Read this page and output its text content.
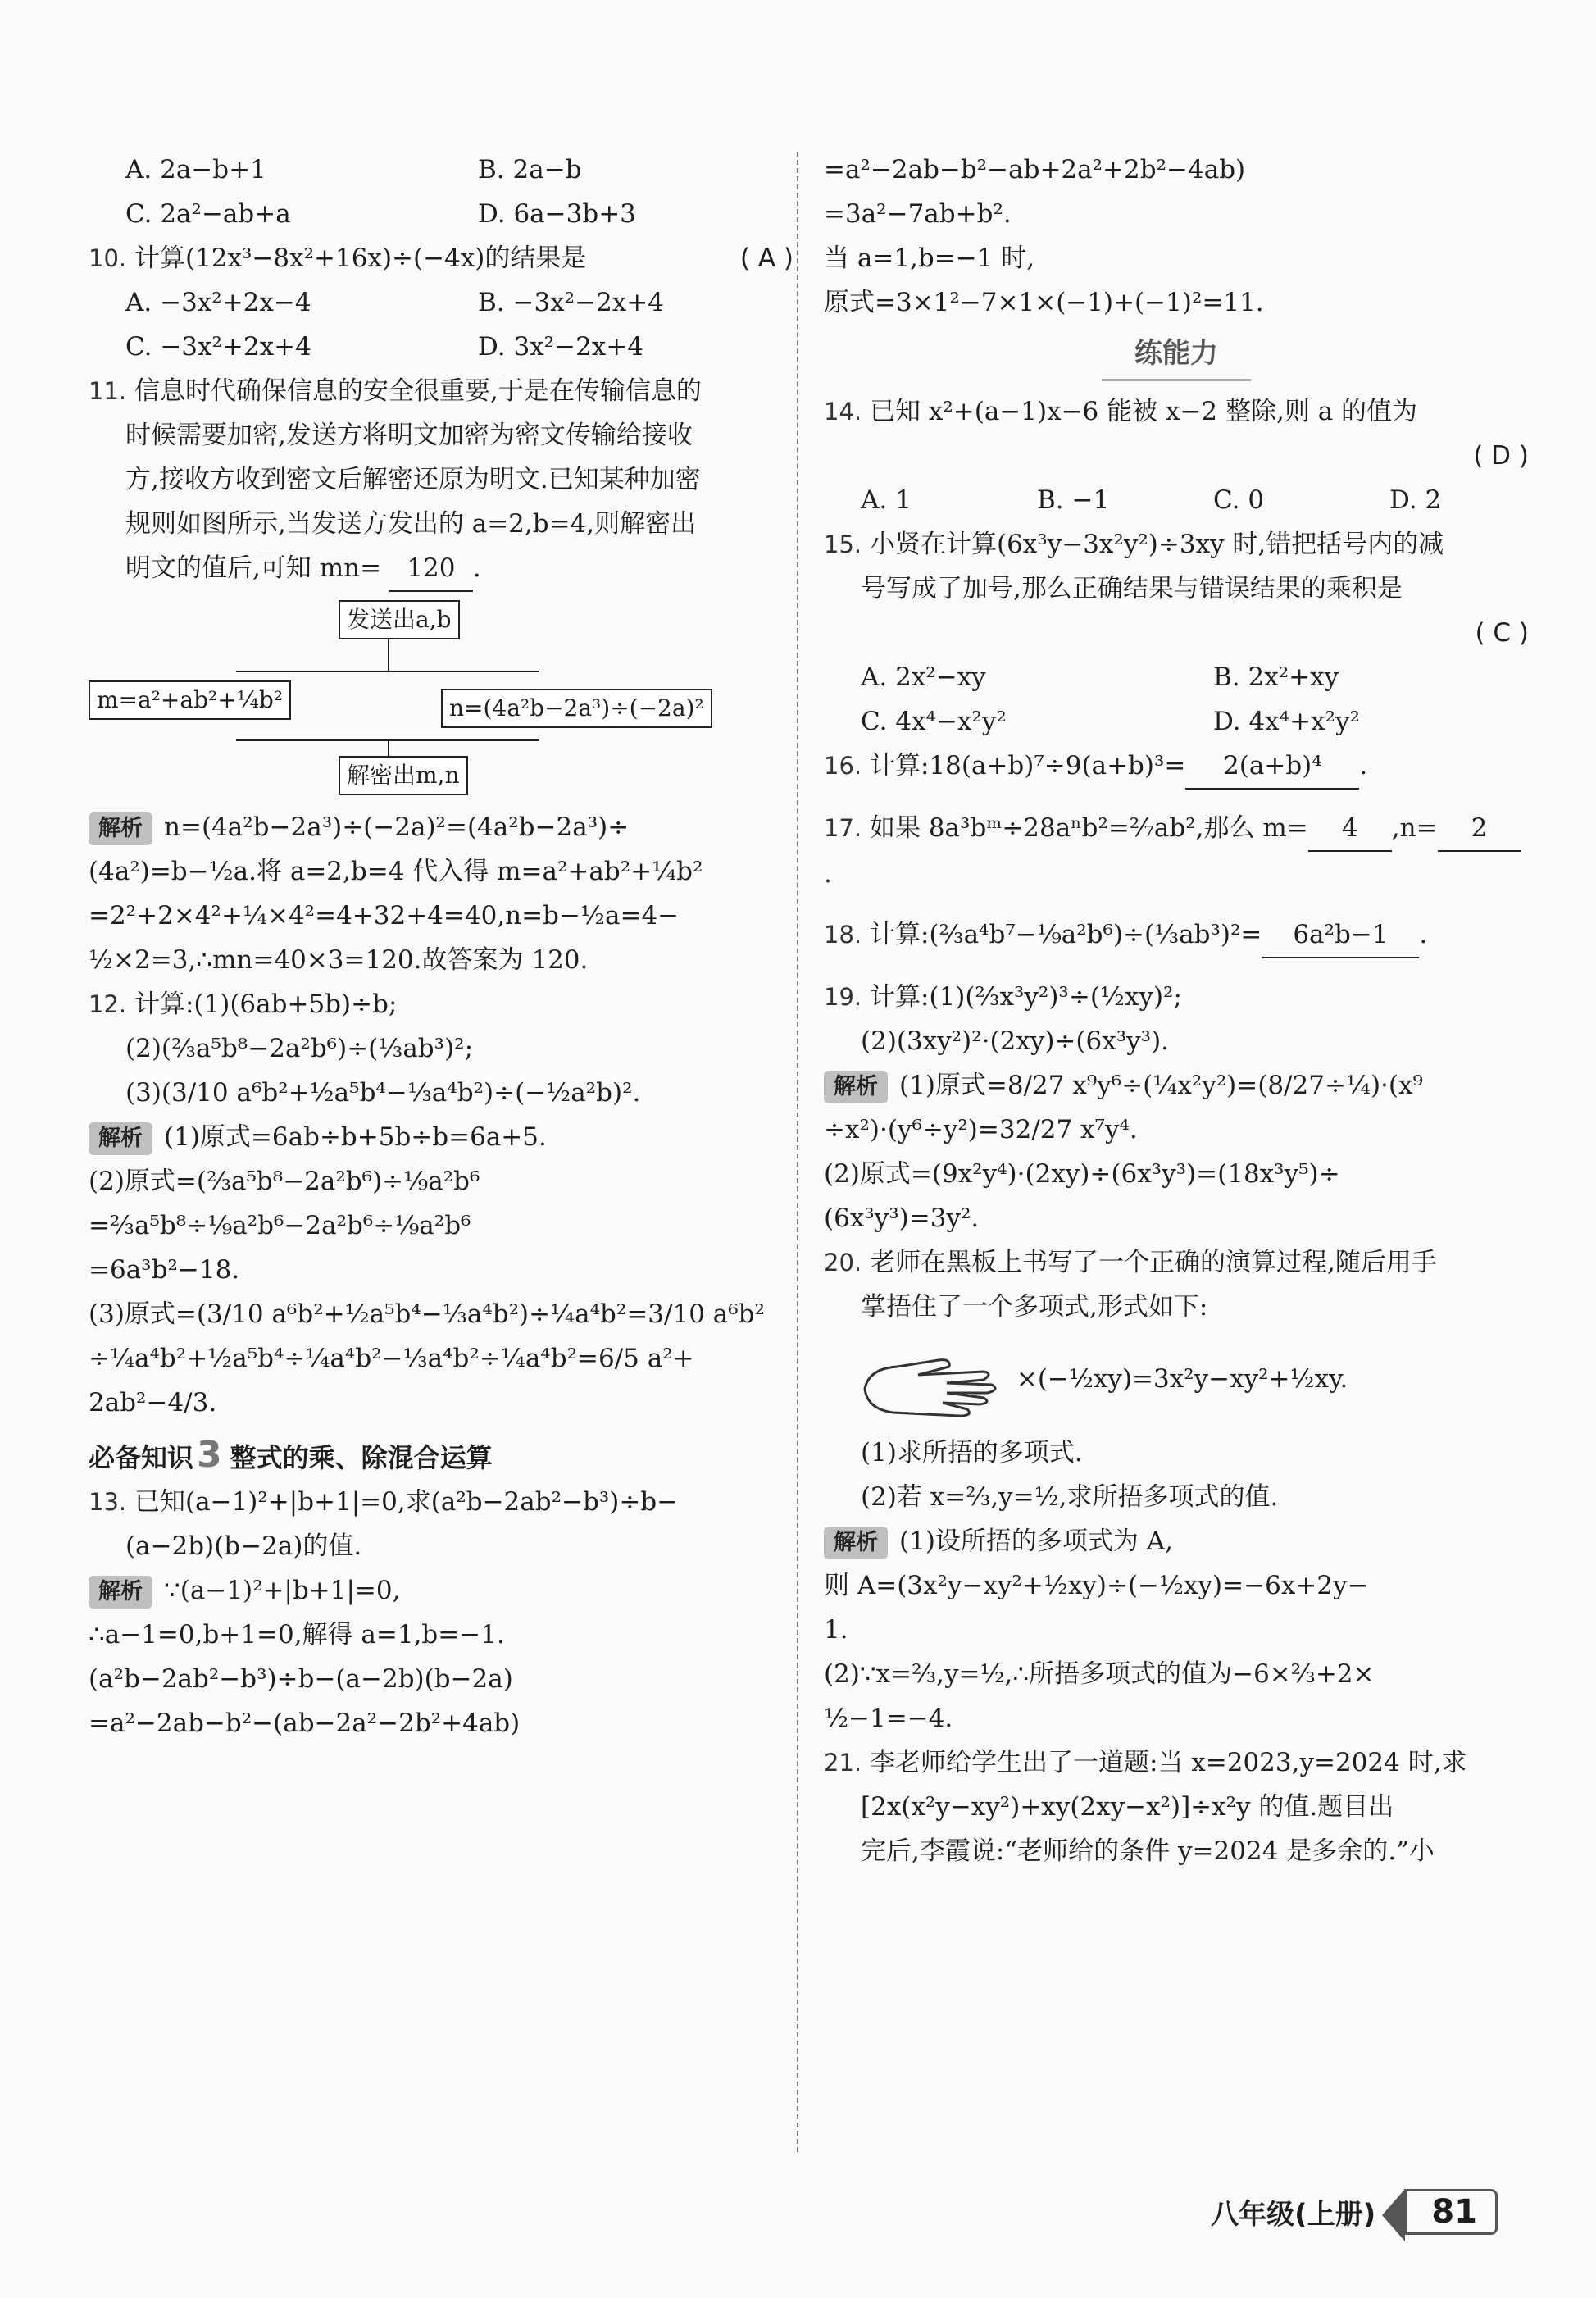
A. 2a−b+1	B. 2a−b
C. 2a²−ab+a	D. 6a−3b+3

10. 计算(12x³−8x²+16x)÷(−4x)的结果是	( A )

A. −3x²+2x−4	B. −3x²−2x+4
C. −3x²+2x+4	D. 3x²−2x+4
11. 信息时代确保信息的安全很重要,于是在传输信息的
时候需要加密,发送方将明文加密为密文传输给接收
方,接收方收到密文后解密还原为明文.已知某种加密
规则如图所示,当发送方发出的 a=2,b=4,则解密出
明文的值后,可知 mn= 120 .
发送出a,b
m=a²+ab²+¼b²	n=(4a²b−2a³)÷(−2a)²
解密出m,n
解析 n=(4a²b−2a³)÷(−2a)²=(4a²b−2a³)÷
(4a²)=b−½a.将 a=2,b=4 代入得 m=a²+ab²+¼b²
=2²+2×4²+¼×4²=4+32+4=40,n=b−½a=4−
½×2=3,∴mn=40×3=120.故答案为 120.
12. 计算:(1)(6ab+5b)÷b;
(2)(⅔a⁵b⁸−2a²b⁶)÷(⅓ab³)²;
(3)(3/10 a⁶b²+½a⁵b⁴−⅓a⁴b²)÷(−½a²b)².
解析 (1)原式=6ab÷b+5b÷b=6a+5.
(2)原式=(⅔a⁵b⁸−2a²b⁶)÷⅑a²b⁶
=⅔a⁵b⁸÷⅑a²b⁶−2a²b⁶÷⅑a²b⁶
=6a³b²−18.
(3)原式=(3/10 a⁶b²+½a⁵b⁴−⅓a⁴b²)÷¼a⁴b²=3/10 a⁶b²
÷¼a⁴b²+½a⁵b⁴÷¼a⁴b²−⅓a⁴b²÷¼a⁴b²=6/5 a²+
2ab²−4/3.
必备知识3 整式的乘、除混合运算
13. 已知(a−1)²+|b+1|=0,求(a²b−2ab²−b³)÷b−
(a−2b)(b−2a)的值.
解析 ∵(a−1)²+|b+1|=0,
∴a−1=0,b+1=0,解得 a=1,b=−1.
(a²b−2ab²−b³)÷b−(a−2b)(b−2a)
=a²−2ab−b²−(ab−2a²−2b²+4ab)
=a²−2ab−b²−ab+2a²+2b²−4ab)
=3a²−7ab+b².
当 a=1,b=−1 时,
原式=3×1²−7×1×(−1)+(−1)²=11.
练能力
14. 已知 x²+(a−1)x−6 能被 x−2 整除,则 a 的值为
( D )
A. 1	B. −1	C. 0	D. 2
15. 小贤在计算(6x³y−3x²y²)÷3xy 时,错把括号内的减
号写成了加号,那么正确结果与错误结果的乘积是
( C )
A. 2x²−xy	B. 2x²+xy
C. 4x⁴−x²y²	D. 4x⁴+x²y²
16. 计算:18(a+b)⁷÷9(a+b)³= 2(a+b)⁴ .
17. 如果 8a³bᵐ÷28aⁿb²=²⁄₇ab²,那么 m= 4 ,n= 2.
18. 计算:(⅔a⁴b⁷−⅑a²b⁶)÷(⅓ab³)²= 6a²b−1 .
19. 计算:(1)(⅔x³y²)³÷(½xy)²;
(2)(3xy²)²·(2xy)÷(6x³y³).
解析 (1)原式=8/27 x⁹y⁶÷(¼x²y²)=(8/27÷¼)·(x⁹
÷x²)·(y⁶÷y²)=32/27 x⁷y⁴.
(2)原式=(9x²y⁴)·(2xy)÷(6x³y³)=(18x³y⁵)÷
(6x³y³)=3y².
20. 老师在黑板上书写了一个正确的演算过程,随后用手
掌捂住了一个多项式,形式如下:
×(−½xy)=3x²y−xy²+½xy.
(1)求所捂的多项式.
(2)若 x=⅔,y=½,求所捂多项式的值.
解析 (1)设所捂的多项式为 A,
则 A=(3x²y−xy²+½xy)÷(−½xy)=−6x+2y−
1.
(2)∵x=⅔,y=½,∴所捂多项式的值为−6×⅔+2×
½−1=−4.
21. 李老师给学生出了一道题:当 x=2023,y=2024 时,求
[2x(x²y−xy²)+xy(2xy−x²)]÷x²y 的值.题目出
完后,李霞说:“老师给的条件 y=2024 是多余的.”小
八年级(上册) 81
